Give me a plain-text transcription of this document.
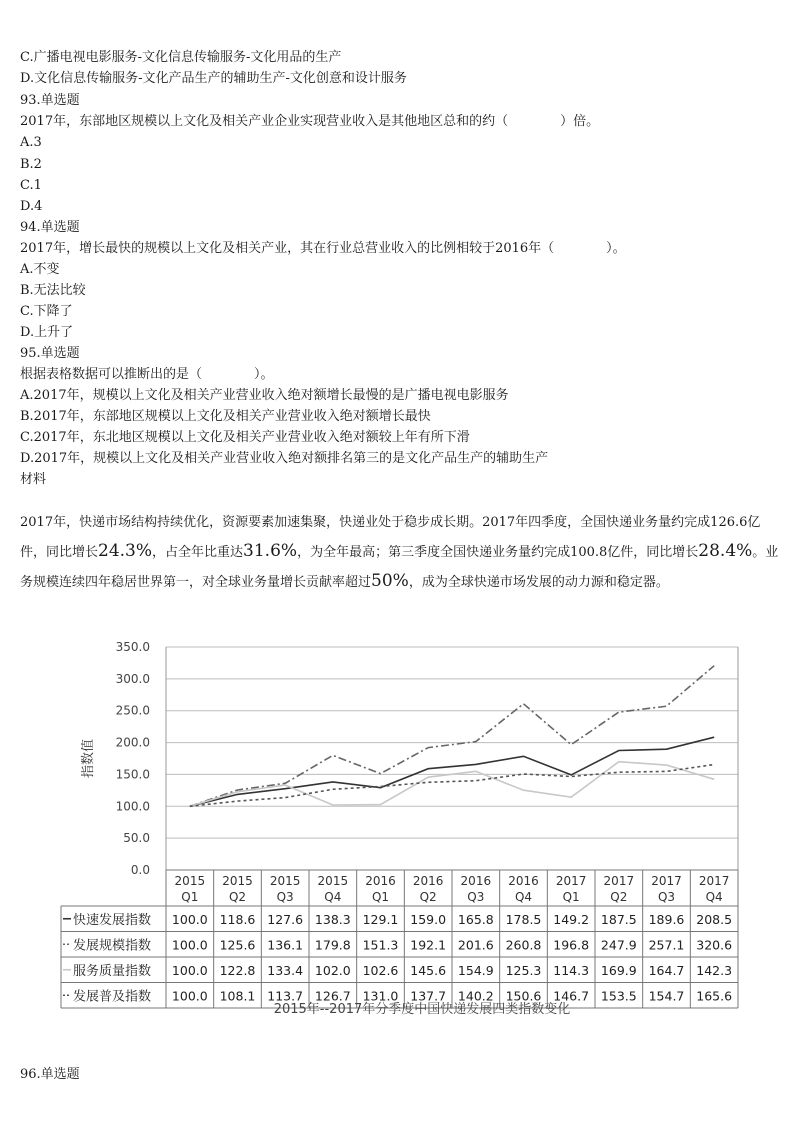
C.广播电视电影服务-文化信息传输服务-文化用品的生产
D.文化信息传输服务-文化产品生产的辅助生产-文化创意和设计服务
93.单选题
2017年，东部地区规模以上文化及相关产业企业实现营业收入是其他地区总和的约（　　　　）倍。
A.3
B.2
C.1
D.4
94.单选题
2017年，增长最快的规模以上文化及相关产业，其在行业总营业收入的比例相较于2016年（　　　　）。
A.不变
B.无法比较
C.下降了
D.上升了
95.单选题
根据表格数据可以推断出的是（　　　　）。
A.2017年，规模以上文化及相关产业营业收入绝对额增长最慢的是广播电视电影服务
B.2017年，东部地区规模以上文化及相关产业营业收入绝对额增长最快
C.2017年，东北地区规模以上文化及相关产业营业收入绝对额较上年有所下滑
D.2017年，规模以上文化及相关产业营业收入绝对额排名第三的是文化产品生产的辅助生产
材料
2017年，快递市场结构持续优化，资源要素加速集聚，快递业处于稳步成长期。2017年四季度，全国快递业务量约完成126.6亿件，同比增长24.3%，占全年比重达31.6%，为全年最高；第三季度全国快递业务量约完成100.8亿件，同比增长28.4%。业务规模连续四年稳居世界第一，对全球业务量增长贡献率超过50%，成为全球快递市场发展的动力源和稳定器。
0.0
50.0
100.0
150.0
200.0
250.0
300.0
350.0
指数值
2015
Q1
2015
Q2
2015
Q3
2015
Q4
2016
Q1
2016
Q2
2016
Q3
2016
Q4
2017
Q1
2017
Q2
2017
Q3
2017
Q4
快速发展指数 100.0 118.6 127.6 138.3 129.1 159.0 165.8 178.5 149.2 187.5 189.6 208.5
发展规模指数 100.0 125.6 136.1 179.8 151.3 192.1 201.6 260.8 196.8 247.9 257.1 320.6
服务质量指数 100.0 122.8 133.4 102.0 102.6 145.6 154.9 125.3 114.3 169.9 164.7 142.3
发展普及指数 100.0 108.1 113.7 126.7 131.0 137.7 140.2 150.6 146.7 153.5 154.7 165.6
2015年--2017年分季度中国快递发展四类指数变化
96.单选题
